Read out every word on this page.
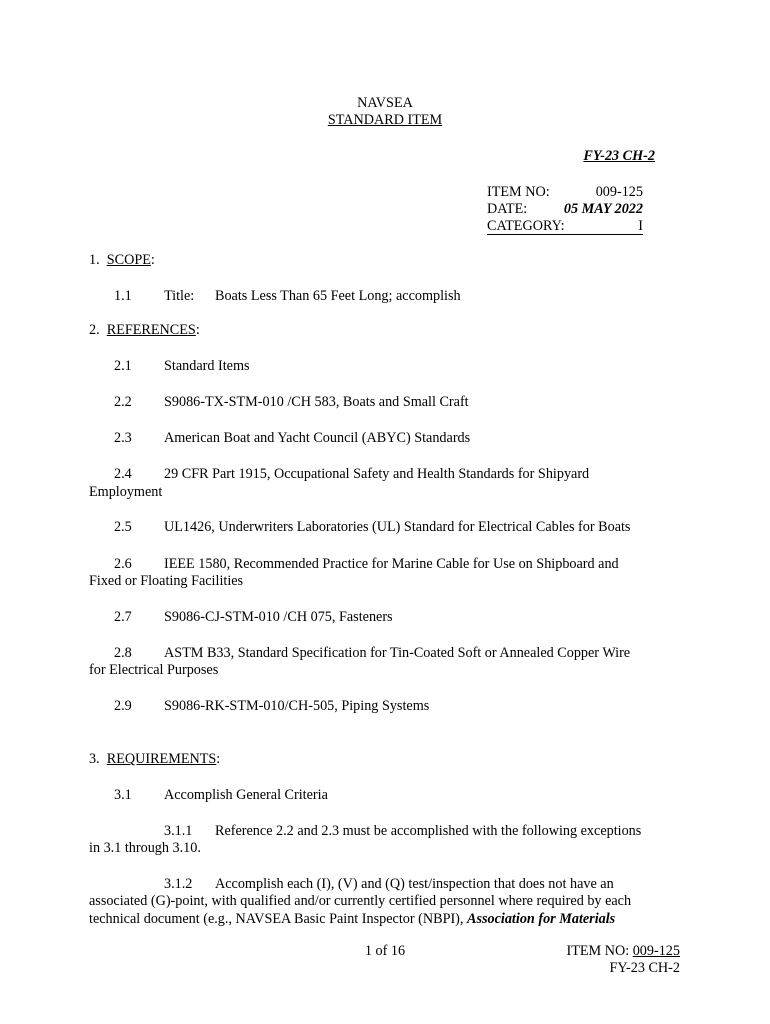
NAVSEA
STANDARD ITEM
FY-23 CH-2
ITEM NO:	009-125
DATE:	05 MAY 2022
CATEGORY:	I
1. SCOPE:
1.1 Title: Boats Less Than 65 Feet Long; accomplish
2. REFERENCES:
2.1 Standard Items
2.2 S9086-TX-STM-010 /CH 583, Boats and Small Craft
2.3 American Boat and Yacht Council (ABYC) Standards
2.4 29 CFR Part 1915, Occupational Safety and Health Standards for Shipyard
Employment
2.5 UL1426, Underwriters Laboratories (UL) Standard for Electrical Cables for Boats
2.6 IEEE 1580, Recommended Practice for Marine Cable for Use on Shipboard and
Fixed or Floating Facilities
2.7 S9086-CJ-STM-010 /CH 075, Fasteners
2.8 ASTM B33, Standard Specification for Tin-Coated Soft or Annealed Copper Wire
for Electrical Purposes
2.9 S9086-RK-STM-010/CH-505, Piping Systems
3. REQUIREMENTS:
3.1 Accomplish General Criteria
3.1.1 Reference 2.2 and 2.3 must be accomplished with the following exceptions
in 3.1 through 3.10.
3.1.2 Accomplish each (I), (V) and (Q) test/inspection that does not have an
associated (G)-point, with qualified and/or currently certified personnel where required by each
technical document (e.g., NAVSEA Basic Paint Inspector (NBPI), Association for Materials
1 of 16	ITEM NO: 009-125
FY-23 CH-2
